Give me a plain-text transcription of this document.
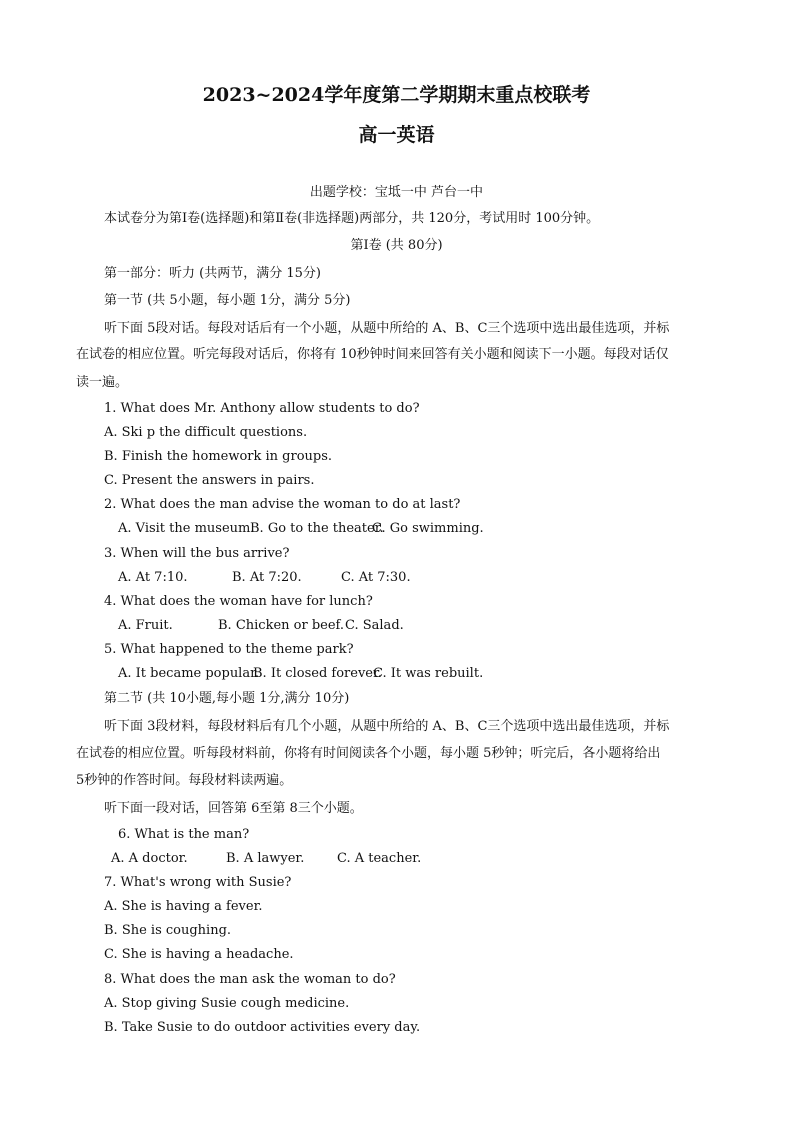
2023~2024学年度第二学期期末重点校联考
高一英语
出题学校：宝坻一中 芦台一中
本试卷分为第Ⅰ卷(选择题)和第Ⅱ卷(非选择题)两部分，共 120分，考试用时 100分钟。
第Ⅰ卷 (共 80分)
第一部分：听力 (共两节，满分 15分)
第一节 (共 5小题，每小题 1分，满分 5分)
听下面 5段对话。每段对话后有一个小题，从题中所给的 A、B、C三个选项中选出最佳选项，并标
在试卷的相应位置。听完每段对话后，你将有 10秒钟时间来回答有关小题和阅读下一小题。每段对话仅
读一遍。
1. What does Mr. Anthony allow students to do?
A. Ski p the difficult questions.
B. Finish the homework in groups.
C. Present the answers in pairs.
2. What does the man advise the woman to do at last?
A. Visit the museum.
B. Go to the theater.
C. Go swimming.
3. When will the bus arrive?
A. At 7:10.	B. At 7:20.	C. At 7:30.
4. What does the woman have for lunch?
A. Fruit.	B. Chicken or beef. C. Salad.
5. What happened to the theme park?
A. It became popular.
B. It closed forever.
C. It was rebuilt.
第二节 (共 10小题,每小题 1分,满分 10分)
听下面 3段材料，每段材料后有几个小题，从题中所给的 A、B、C三个选项中选出最佳选项，并标
在试卷的相应位置。听每段材料前，你将有时间阅读各个小题，每小题 5秒钟；听完后，各小题将给出
5秒钟的作答时间。每段材料读两遍。
听下面一段对话，回答第 6至第 8三个小题。
6. What is the man?
A. A doctor.	B. A lawyer.	C. A teacher.
7. What's wrong with Susie?
A. She is having a fever.
B. She is coughing.
C. She is having a headache.
8. What does the man ask the woman to do?
A. Stop giving Susie cough medicine.
B. Take Susie to do outdoor activities every day.
